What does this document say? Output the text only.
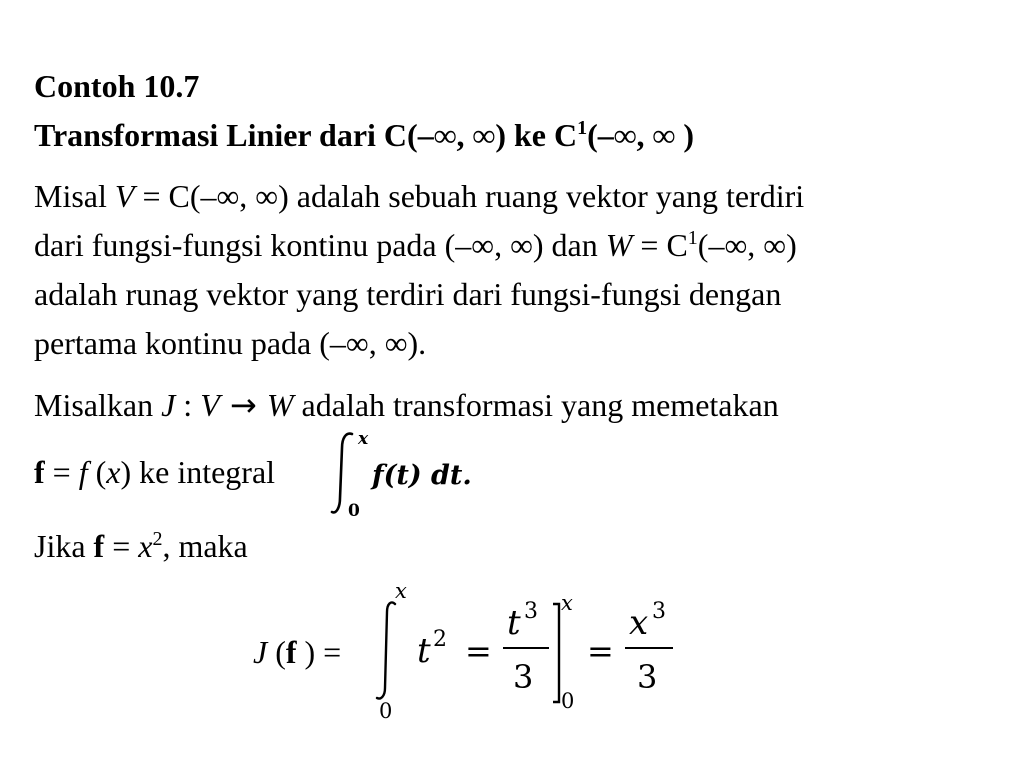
Contoh 10.7
Transformasi Linier dari C(–∞, ∞) ke $C^1(-\infty$, ∞ )
Misal V = C(–∞, ∞) adalah sebuah ruang vektor yang terdiri
dari fungsi-fungsi kontinu pada (–∞, ∞) dan $W = C^1(-\infty$, ∞)
adalah runag vektor yang terdiri dari fungsi-fungsi dengan
pertama kontinu pada (–∞, ∞).
Misalkan J : V → W adalah transformasi yang memetakan
f = f (x) ke integral
x
0
f(t) dt.
Jika $f = x^2$, maka
J (f ) =
x
0
t 2 =
t 3
3
x
0
=
x 3
3
